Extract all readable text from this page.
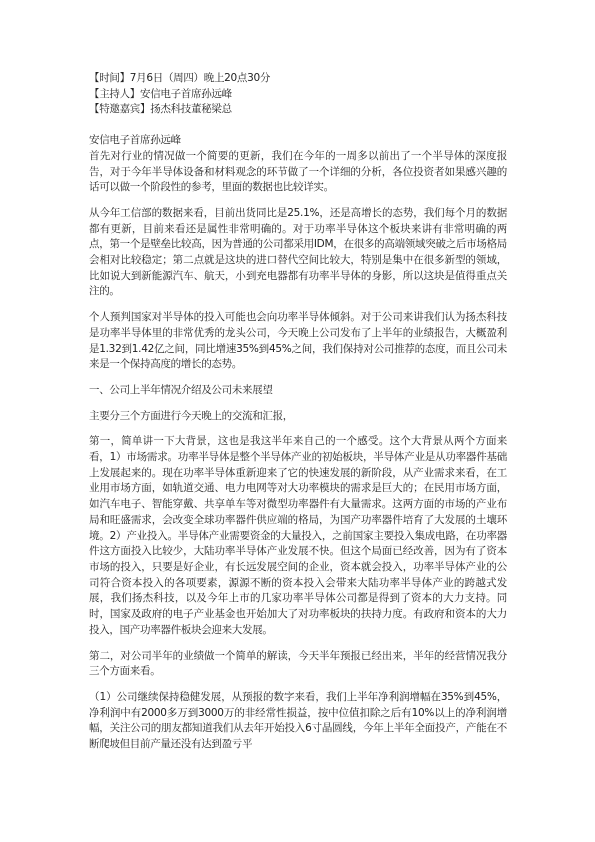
【时间】7月6日（周四）晚上20点30分

【主持人】安信电子首席孙远峰

【特邀嘉宾】扬杰科技董秘梁总

安信电子首席孙远峰

首先对行业的情况做一个简要的更新，我们在今年的一周多以前出了一个半导体的深度报告，对于今年半导体设备和材料观念的环节做了一个详细的分析，各位投资者如果感兴趣的话可以做一个阶段性的参考，里面的数据也比较详实。

从今年工信部的数据来看，目前出货同比是25.1%，还是高增长的态势，我们每个月的数据都有更新，目前来看还是属性非常明确的。对于功率半导体这个板块来讲有非常明确的两点，第一个是壁垒比较高，因为普通的公司都采用IDM，在很多的高端领域突破之后市场格局会相对比较稳定；第二点就是这块的进口替代空间比较大，特别是集中在很多新型的领域，比如说大到新能源汽车、航天，小到充电器都有功率半导体的身影，所以这块是值得重点关注的。

个人预判国家对半导体的投入可能也会向功率半导体倾斜。对于公司来讲我们认为扬杰科技是功率半导体里的非常优秀的龙头公司，今天晚上公司发布了上半年的业绩报告，大概盈利是1.32到1.42亿之间，同比增速35%到45%之间，我们保持对公司推荐的态度，而且公司未来是一个保持高度的增长的态势。

一、公司上半年情况介绍及公司未来展望

主要分三个方面进行今天晚上的交流和汇报，

第一，简单讲一下大背景，这也是我这半年来自己的一个感受。这个大背景从两个方面来看，1）市场需求。功率半导体是整个半导体产业的初始板块，半导体产业是从功率器件基础上发展起来的。现在功率半导体重新迎来了它的快速发展的新阶段，从产业需求来看，在工业用市场方面，如轨道交通、电力电网等对大功率模块的需求是巨大的；在民用市场方面，如汽车电子、智能穿戴、共享单车等对微型功率器件有大量需求。这两方面的市场的产业布局和旺盛需求，会改变全球功率器件供应端的格局，为国产功率器件培育了大发展的土壤环境。2）产业投入。半导体产业需要资金的大量投入，之前国家主要投入集成电路，在功率器件这方面投入比较少，大陆功率半导体产业发展不快。但这个局面已经改善，因为有了资本市场的投入，只要是好企业，有长远发展空间的企业，资本就会投入，功率半导体产业的公司符合资本投入的各项要素，源源不断的资本投入会带来大陆功率半导体产业的跨越式发展，我们扬杰科技，以及今年上市的几家功率半导体公司都是得到了资本的大力支持。同时，国家及政府的电子产业基金也开始加大了对功率板块的扶持力度。有政府和资本的大力投入，国产功率器件板块会迎来大发展。

第二，对公司半年的业绩做一个简单的解读，今天半年预报已经出来，半年的经营情况我分三个方面来看。

（1）公司继续保持稳健发展，从预报的数字来看，我们上半年净利润增幅在35%到45%，净利润中有2000多万到3000万的非经常性损益，按中位值扣除之后有10%以上的净利润增幅，关注公司的朋友都知道我们从去年开始投入6寸晶圆线，今年上半年全面投产，产能在不断爬坡但目前产量还没有达到盈亏平
